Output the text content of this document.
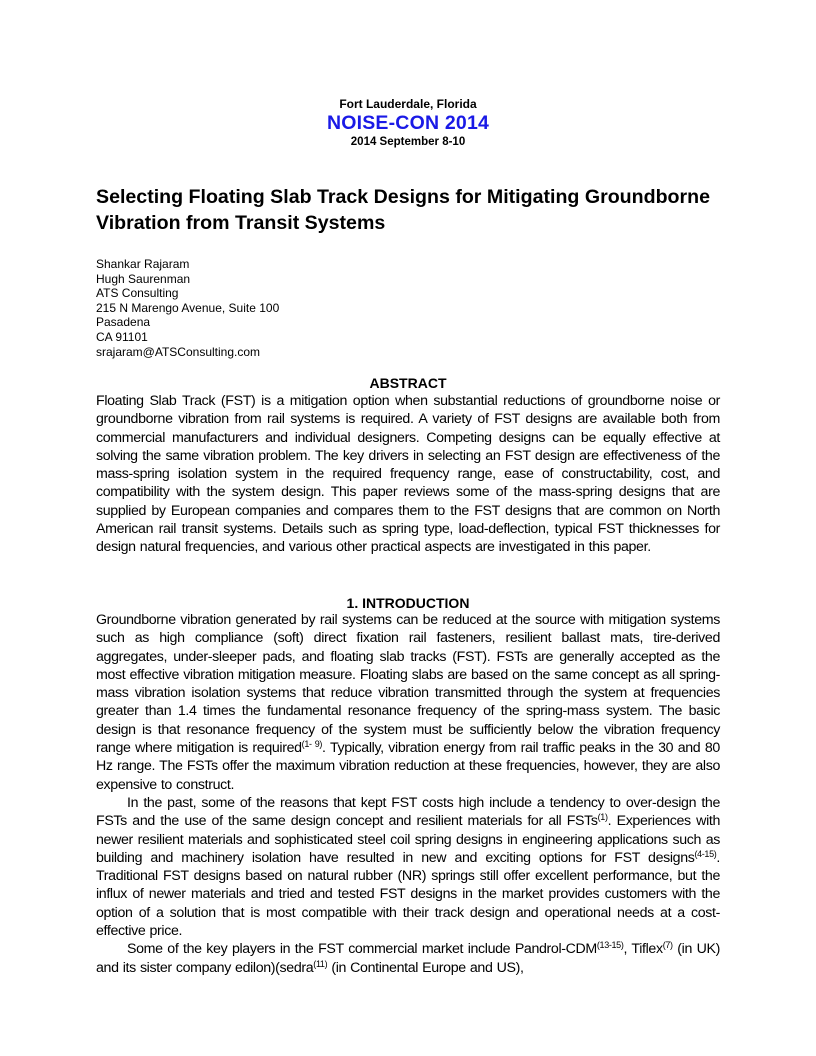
Fort Lauderdale, Florida
NOISE-CON 2014
2014 September 8-10
Selecting Floating Slab Track Designs for Mitigating Groundborne Vibration from Transit Systems
Shankar Rajaram
Hugh Saurenman
ATS Consulting
215 N Marengo Avenue, Suite 100
Pasadena
CA 91101
srajaram@ATSConsulting.com
ABSTRACT

Floating Slab Track (FST) is a mitigation option when substantial reductions of groundborne noise or groundborne vibration from rail systems is required. A variety of FST designs are available both from commercial manufacturers and individual designers. Competing designs can be equally effective at solving the same vibration problem. The key drivers in selecting an FST design are effectiveness of the mass-spring isolation system in the required frequency range, ease of constructability, cost, and compatibility with the system design. This paper reviews some of the mass-spring designs that are supplied by European companies and compares them to the FST designs that are common on North American rail transit systems. Details such as spring type, load-deflection, typical FST thicknesses for design natural frequencies, and various other practical aspects are investigated in this paper.

1. INTRODUCTION

Groundborne vibration generated by rail systems can be reduced at the source with mitigation systems such as high compliance (soft) direct fixation rail fasteners, resilient ballast mats, tire-derived aggregates, under-sleeper pads, and floating slab tracks (FST). FSTs are generally accepted as the most effective vibration mitigation measure. Floating slabs are based on the same concept as all spring-mass vibration isolation systems that reduce vibration transmitted through the system at frequencies greater than 1.4 times the fundamental resonance frequency of the spring-mass system. The basic design is that resonance frequency of the system must be sufficiently below the vibration frequency range where mitigation is required$^{(1- 9)}$. Typically, vibration energy from rail traffic peaks in the 30 and 80 Hz range. The FSTs offer the maximum vibration reduction at these frequencies, however, they are also expensive to construct.

In the past, some of the reasons that kept FST costs high include a tendency to over-design the FSTs and the use of the same design concept and resilient materials for all FSTs$^{(1)}$. Experiences with newer resilient materials and sophisticated steel coil spring designs in engineering applications such as building and machinery isolation have resulted in new and exciting options for FST designs$^{(4-15)}$. Traditional FST designs based on natural rubber (NR) springs still offer excellent performance, but the influx of newer materials and tried and tested FST designs in the market provides customers with the option of a solution that is most compatible with their track design and operational needs at a cost-effective price.

Some of the key players in the FST commercial market include Pandrol-CDM$^{(13-15)}$, Tiflex$^{(7)}$ (in UK) and its sister company edilon)(sedra$^{(11)}$ (in Continental Europe and US),
